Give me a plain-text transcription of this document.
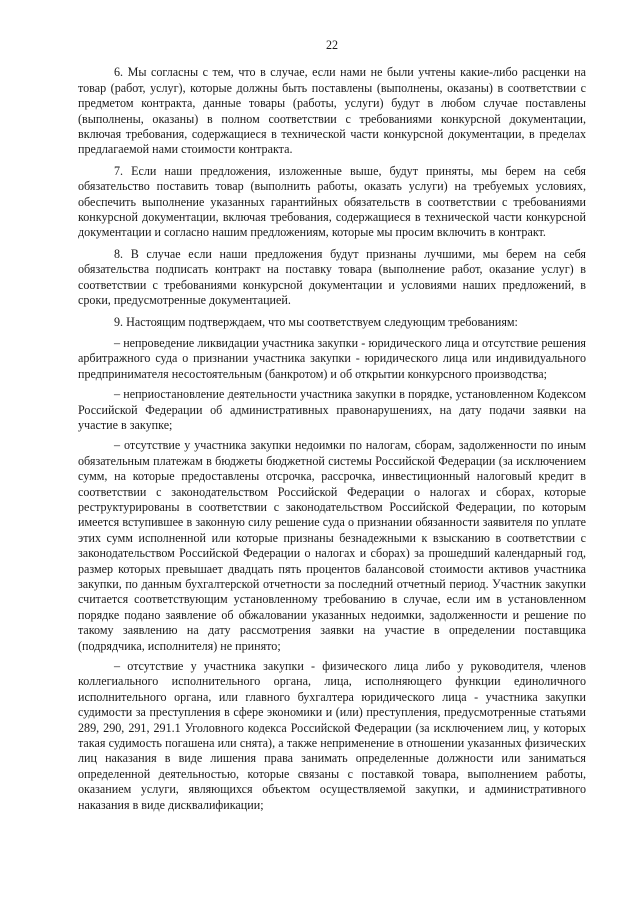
22

6. Мы согласны с тем, что в случае, если нами не были учтены какие-либо расценки на товар (работ, услуг), которые должны быть поставлены (выполнены, оказаны) в соответствии с предметом контракта, данные товары (работы, услуги) будут в любом случае поставлены (выполнены, оказаны) в полном соответствии с требованиями конкурсной документации, включая требования, содержащиеся в технической части конкурсной документации, в пределах предлагаемой нами стоимости контракта.

7. Если наши предложения, изложенные выше, будут приняты, мы берем на себя обязательство поставить товар (выполнить работы, оказать услуги) на требуемых условиях, обеспечить выполнение указанных гарантийных обязательств в соответствии с требованиями конкурсной документации, включая требования, содержащиеся в технической части конкурсной документации и согласно нашим предложениям, которые мы просим включить в контракт.

8. В случае если наши предложения будут признаны лучшими, мы берем на себя обязательства подписать контракт на поставку товара (выполнение работ, оказание услуг) в соответствии с требованиями конкурсной документации и условиями наших предложений, в сроки, предусмотренные документацией.

9. Настоящим подтверждаем, что мы соответствуем следующим требованиям:

– непроведение ликвидации участника закупки - юридического лица и отсутствие решения арбитражного суда о признании участника закупки - юридического лица или индивидуального предпринимателя несостоятельным (банкротом) и об открытии конкурсного производства;

– неприостановление деятельности участника закупки в порядке, установленном Кодексом Российской Федерации об административных правонарушениях, на дату подачи заявки на участие в закупке;

– отсутствие у участника закупки недоимки по налогам, сборам, задолженности по иным обязательным платежам в бюджеты бюджетной системы Российской Федерации (за исключением сумм, на которые предоставлены отсрочка, рассрочка, инвестиционный налоговый кредит в соответствии с законодательством Российской Федерации о налогах и сборах, которые реструктурированы в соответствии с законодательством Российской Федерации, по которым имеется вступившее в законную силу решение суда о признании обязанности заявителя по уплате этих сумм исполненной или которые признаны безнадежными к взысканию в соответствии с законодательством Российской Федерации о налогах и сборах) за прошедший календарный год, размер которых превышает двадцать пять процентов балансовой стоимости активов участника закупки, по данным бухгалтерской отчетности за последний отчетный период. Участник закупки считается соответствующим установленному требованию в случае, если им в установленном порядке подано заявление об обжаловании указанных недоимки, задолженности и решение по такому заявлению на дату рассмотрения заявки на участие в определении поставщика (подрядчика, исполнителя) не принято;

– отсутствие у участника закупки - физического лица либо у руководителя, членов коллегиального исполнительного органа, лица, исполняющего функции единоличного исполнительного органа, или главного бухгалтера юридического лица - участника закупки судимости за преступления в сфере экономики и (или) преступления, предусмотренные статьями 289, 290, 291, 291.1 Уголовного кодекса Российской Федерации (за исключением лиц, у которых такая судимость погашена или снята), а также неприменение в отношении указанных физических лиц наказания в виде лишения права занимать определенные должности или заниматься определенной деятельностью, которые связаны с поставкой товара, выполнением работы, оказанием услуги, являющихся объектом осуществляемой закупки, и административного наказания в виде дисквалификации;
